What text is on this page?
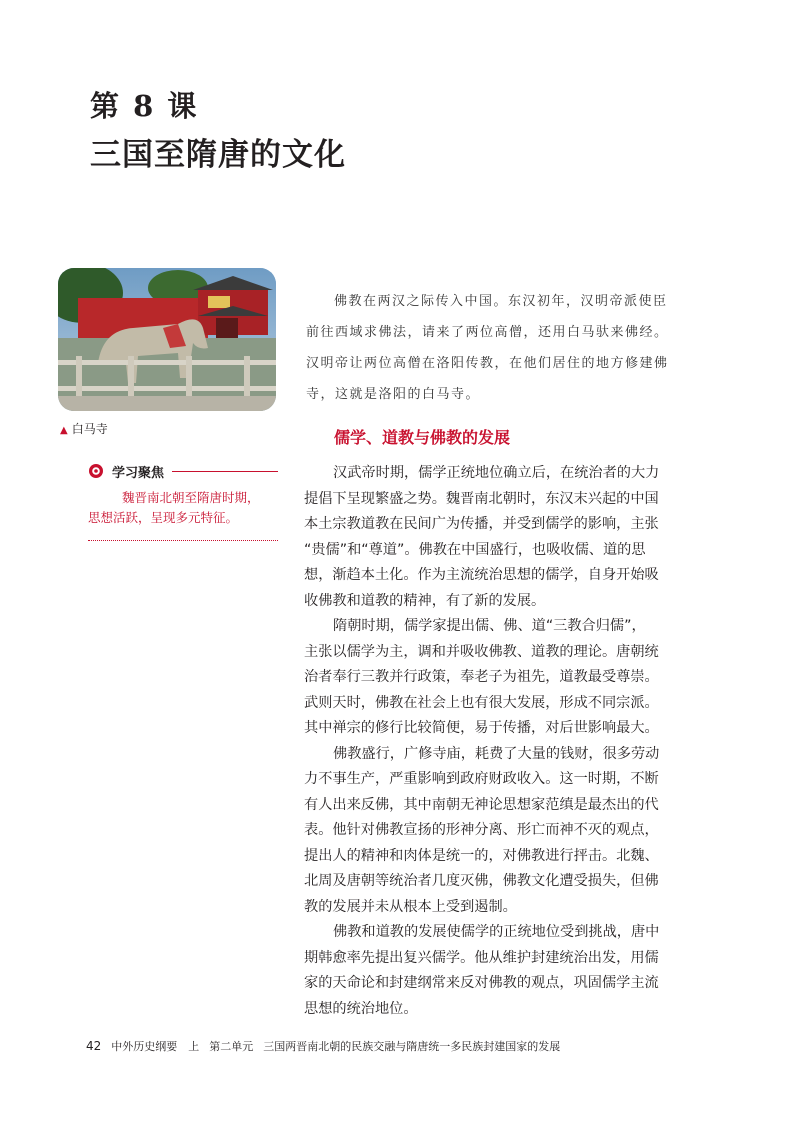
第 8 课
三国至隋唐的文化
▲ 白马寺
学习聚焦
魏晋南北朝至隋唐时期，
思想活跃，呈现多元特征。

佛教在两汉之际传入中国。东汉初年，汉明帝派使臣
前往西域求佛法，请来了两位高僧，还用白马驮来佛经。
汉明帝让两位高僧在洛阳传教，在他们居住的地方修建佛
寺，这就是洛阳的白马寺。

儒学、道教与佛教的发展
汉武帝时期，儒学正统地位确立后，在统治者的大力
提倡下呈现繁盛之势。魏晋南北朝时，东汉末兴起的中国
本土宗教道教在民间广为传播，并受到儒学的影响，主张
“贵儒”和“尊道”。佛教在中国盛行，也吸收儒、道的思
想，渐趋本土化。作为主流统治思想的儒学，自身开始吸
收佛教和道教的精神，有了新的发展。
隋朝时期，儒学家提出儒、佛、道“三教合归儒”，
主张以儒学为主，调和并吸收佛教、道教的理论。唐朝统
治者奉行三教并行政策，奉老子为祖先，道教最受尊崇。
武则天时，佛教在社会上也有很大发展，形成不同宗派。
其中禅宗的修行比较简便，易于传播，对后世影响最大。
佛教盛行，广修寺庙，耗费了大量的钱财，很多劳动
力不事生产，严重影响到政府财政收入。这一时期，不断
有人出来反佛，其中南朝无神论思想家范缜是最杰出的代
表。他针对佛教宣扬的形神分离、形亡而神不灭的观点，
提出人的精神和肉体是统一的，对佛教进行抨击。北魏、
北周及唐朝等统治者几度灭佛，佛教文化遭受损失，但佛
教的发展并未从根本上受到遏制。
佛教和道教的发展使儒学的正统地位受到挑战，唐中
期韩愈率先提出复兴儒学。他从维护封建统治出发，用儒
家的天命论和封建纲常来反对佛教的观点，巩固儒学主流
思想的统治地位。
42 中外历史纲要　上 第二单元 三国两晋南北朝的民族交融与隋唐统一多民族封建国家的发展
